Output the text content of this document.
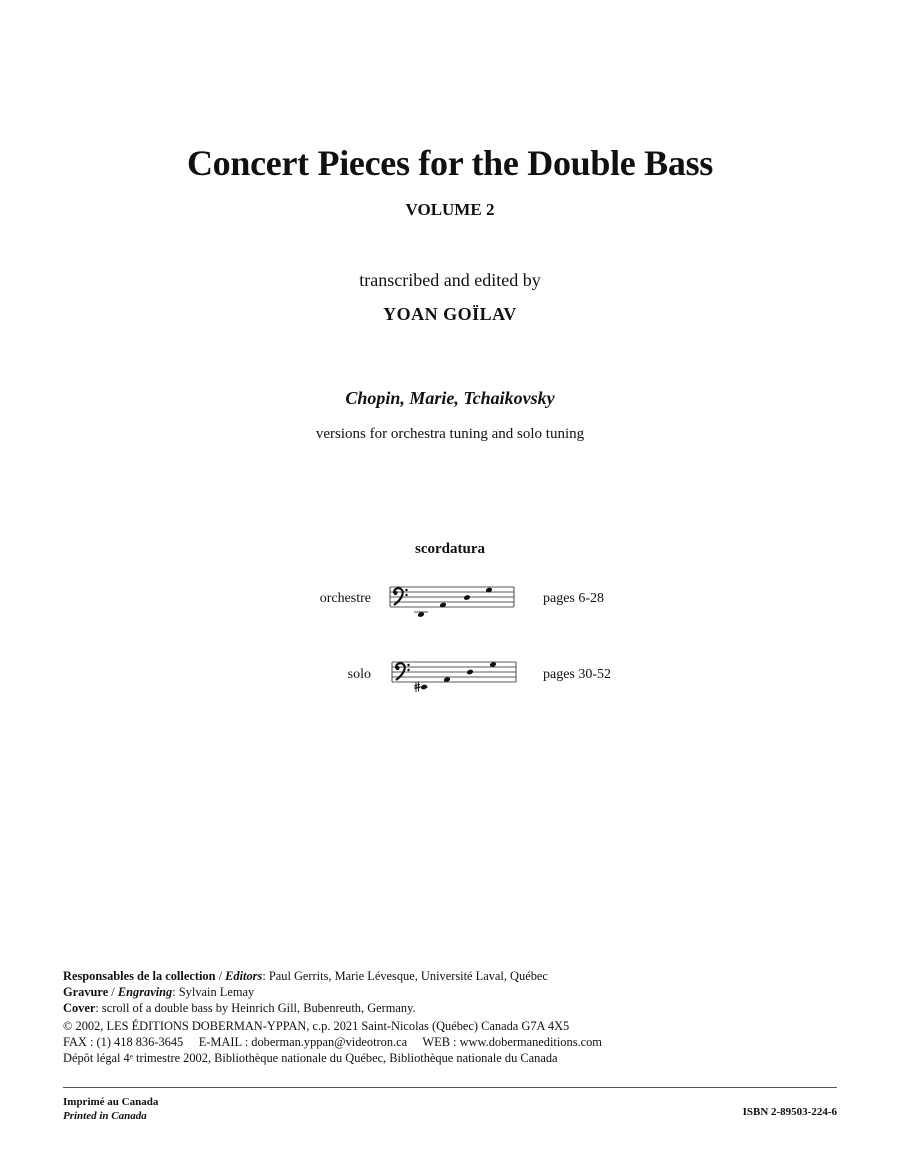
Concert Pieces for the Double Bass
VOLUME 2
transcribed and edited by
YOAN GOÏLAV
Chopin, Marie, Tchaikovsky
versions for orchestra tuning and solo tuning
scordatura
orchestre	pages 6-28
solo	pages 30-52
Responsables de la collection / Editors: Paul Gerrits, Marie Lévesque, Université Laval, Québec
Gravure / Engraving: Sylvain Lemay
Cover: scroll of a double bass by Heinrich Gill, Bubenreuth, Germany.
© 2002, LES ÉDITIONS DOBERMAN-YPPAN, c.p. 2021 Saint-Nicolas (Québec) Canada G7A 4X5
FAX : (1) 418 836-3645     E-MAIL : doberman.yppan@videotron.ca     WEB : www.dobermaneditions.com
Dépôt légal 4ᵉ trimestre 2002, Bibliothèque nationale du Québec, Bibliothèque nationale du Canada
Imprimé au Canada
Printed in Canada	ISBN 2-89503-224-6
